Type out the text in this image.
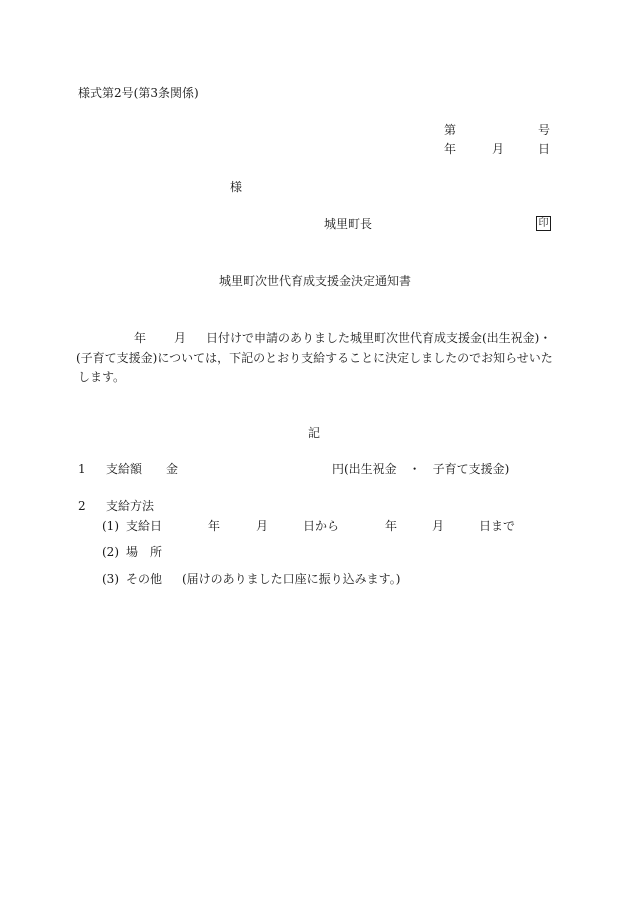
様式第2号(第3条関係)
第	号
年	月	日
様
城里町長	印
城里町次世代育成支援金決定通知書
年 月 日付けで申請のありました城里町次世代育成支援金(出生祝金)・
(子育て支援金)については，下記のとおり支給することに決定しましたのでお知らせいた
します。
記
1 支給額 金	円(出生祝金　・　子育て支援金)
2 支給方法
(1) 支給日	年	月	日から	年	月	日まで
(2) 場　所
(3) その他 (届けのありました口座に振り込みます。)
